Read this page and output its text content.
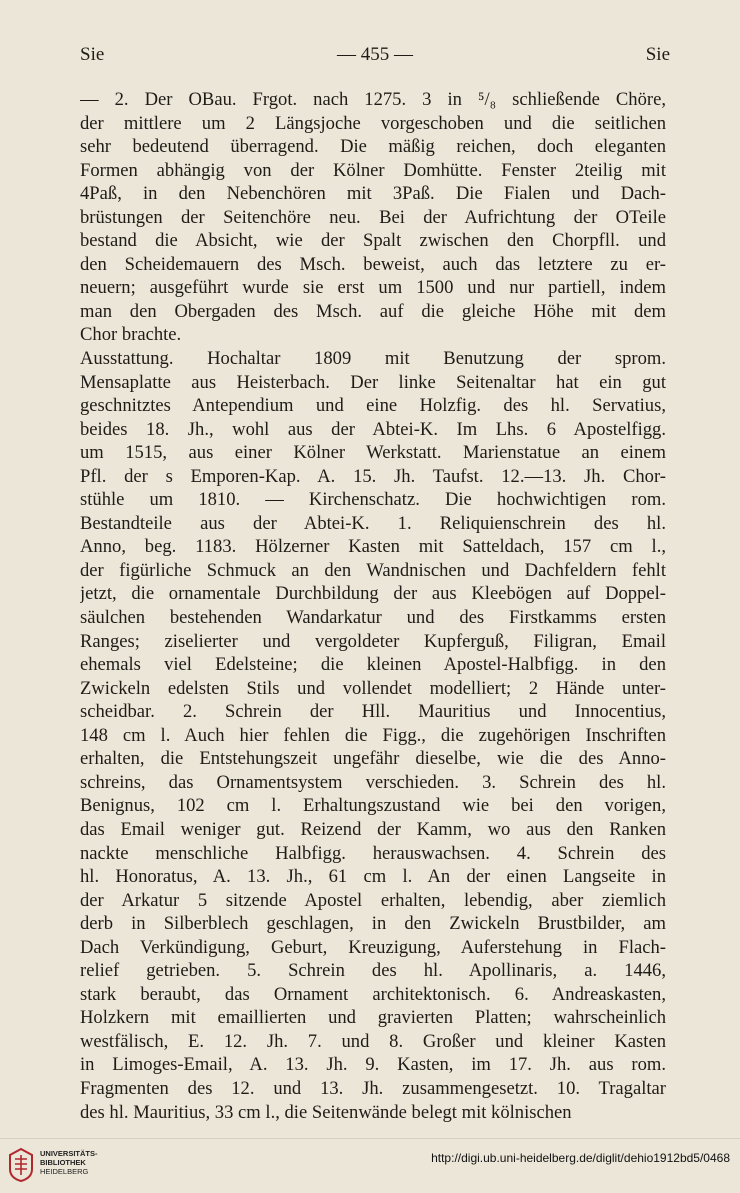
Sie	— 455 —	Sie
— 2. Der OBau. Frgot. nach 1275. 3 in ⁵/₈ schließende Chöre,
der mittlere um 2 Längsjoche vorgeschoben und die seitlichen
sehr bedeutend überragend. Die mäßig reichen, doch eleganten
Formen abhängig von der Kölner Domhütte. Fenster 2teilig mit
4Paß, in den Nebenchören mit 3Paß. Die Fialen und Dach-
brüstungen der Seitenchöre neu. Bei der Aufrichtung der OTeile
bestand die Absicht, wie der Spalt zwischen den Chorpfll. und
den Scheidemauern des Msch. beweist, auch das letztere zu er-
neuern; ausgeführt wurde sie erst um 1500 und nur partiell, indem
man den Obergaden des Msch. auf die gleiche Höhe mit dem
Chor brachte.
Ausstattung. Hochaltar 1809 mit Benutzung der sprom.
Mensaplatte aus Heisterbach. Der linke Seitenaltar hat ein gut
geschnitztes Antependium und eine Holzfig. des hl. Servatius,
beides 18. Jh., wohl aus der Abtei-K. Im Lhs. 6 Apostelfigg.
um 1515, aus einer Kölner Werkstatt. Marienstatue an einem
Pfl. der s Emporen-Kap. A. 15. Jh. Taufst. 12.—13. Jh. Chor-
stühle um 1810. — Kirchenschatz. Die hochwichtigen rom.
Bestandteile aus der Abtei-K. 1. Reliquienschrein des hl.
Anno, beg. 1183. Hölzerner Kasten mit Satteldach, 157 cm l.,
der figürliche Schmuck an den Wandnischen und Dachfeldern fehlt
jetzt, die ornamentale Durchbildung der aus Kleebögen auf Doppel-
säulchen bestehenden Wandarkatur und des Firstkamms ersten
Ranges; ziselierter und vergoldeter Kupferguß, Filigran, Email
ehemals viel Edelsteine; die kleinen Apostel-Halbfigg. in den
Zwickeln edelsten Stils und vollendet modelliert; 2 Hände unter-
scheidbar. 2. Schrein der Hll. Mauritius und Innocentius,
148 cm l. Auch hier fehlen die Figg., die zugehörigen Inschriften
erhalten, die Entstehungszeit ungefähr dieselbe, wie die des Anno-
schreins, das Ornamentsystem verschieden. 3. Schrein des hl.
Benignus, 102 cm l. Erhaltungszustand wie bei den vorigen,
das Email weniger gut. Reizend der Kamm, wo aus den Ranken
nackte menschliche Halbfigg. herauswachsen. 4. Schrein des
hl. Honoratus, A. 13. Jh., 61 cm l. An der einen Langseite in
der Arkatur 5 sitzende Apostel erhalten, lebendig, aber ziemlich
derb in Silberblech geschlagen, in den Zwickeln Brustbilder, am
Dach Verkündigung, Geburt, Kreuzigung, Auferstehung in Flach-
relief getrieben. 5. Schrein des hl. Apollinaris, a. 1446,
stark beraubt, das Ornament architektonisch. 6. Andreaskasten,
Holzkern mit emaillierten und gravierten Platten; wahrscheinlich
westfälisch, E. 12. Jh. 7. und 8. Großer und kleiner Kasten
in Limoges-Email, A. 13. Jh. 9. Kasten, im 17. Jh. aus rom.
Fragmenten des 12. und 13. Jh. zusammengesetzt. 10. Tragaltar
des hl. Mauritius, 33 cm l., die Seitenwände belegt mit kölnischen
UNIVERSITÄTS-
BIBLIOTHEK
HEIDELBERG
http://digi.ub.uni-heidelberg.de/diglit/dehio1912bd5/0468
